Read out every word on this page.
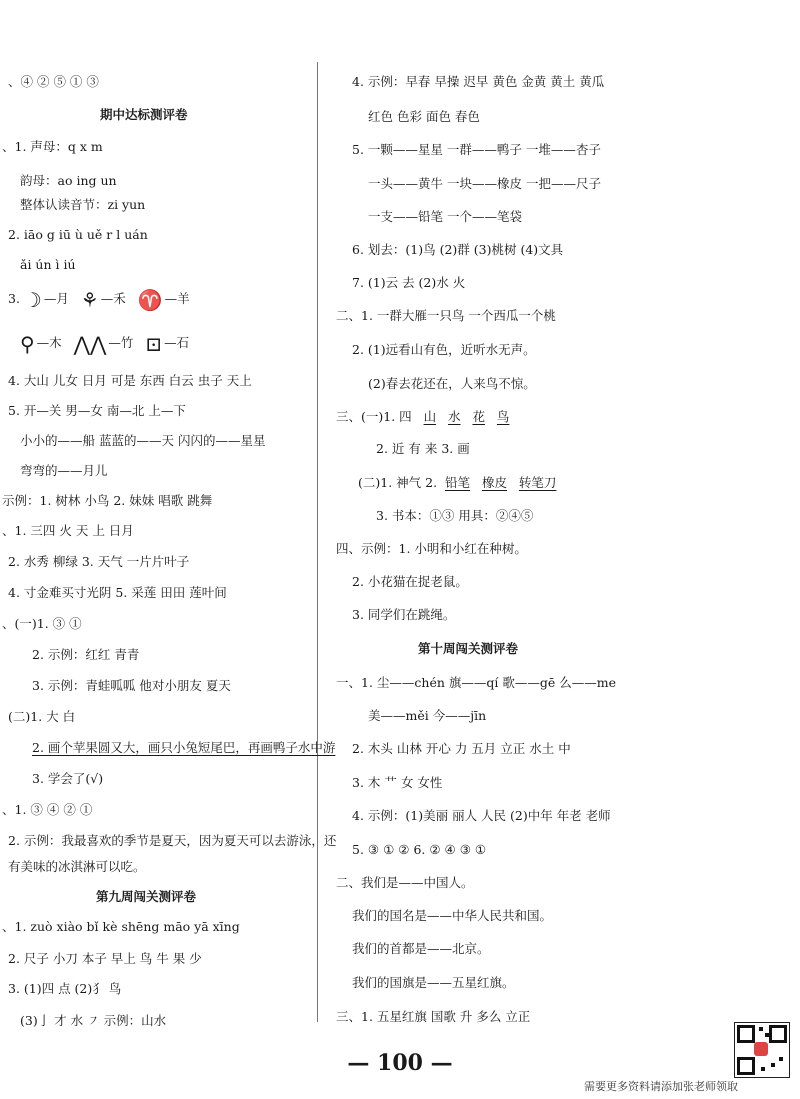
、④ ② ⑤ ① ③
期中达标测评卷
、1. 声母：q x m
韵母：ao ing un
整体认读音节：zi yun
2. iāo g iū ù uě r l uán
ǎi ún ì iú
3. ☽ —月 ⚘ —禾 ♈ —羊
⚲ —木 ⋀⋀ —竹 ⊡ —石
4. 大山 儿女 日月 可是 东西 白云 虫子 天上
5. 开—关 男—女 南—北 上—下
小小的——船 蓝蓝的——天 闪闪的——星星
弯弯的——月儿
示例：1. 树林 小鸟 2. 妹妹 唱歌 跳舞
、1. 三四 火 天 上 日月
2. 水秀 柳绿 3. 天气 一片片叶子
4. 寸金难买寸光阴 5. 采莲 田田 莲叶间
、(一)1. ③ ①
2. 示例：红红 青青
3. 示例：青蛙呱呱 他对小朋友 夏天
(二)1. 大 白
2. 画个苹果圆又大，画只小兔短尾巴，再画鸭子水中游
3. 学会了(√)
、1. ③ ④ ② ①
2. 示例：我最喜欢的季节是夏天，因为夏天可以去游泳，还
有美味的冰淇淋可以吃。
第九周闯关测评卷
、1. zuò xiào bǐ kè shēng māo yā xīng
2. 尺子 小刀 本子 早上 鸟 牛 果 少
3. (1)四 点 (2)犭 鸟
(3)亅 才 水 ㇇ 示例：山水
4. 示例：早春 早操 迟早 黄色 金黄 黄土 黄瓜
红色 色彩 面色 春色
5. 一颗——星星 一群——鸭子 一堆——杏子
一头——黄牛 一块——橡皮 一把——尺子
一支——铅笔 一个——笔袋
6. 划去：(1)鸟 (2)群 (3)桃树 (4)文具
7. (1)云 去 (2)水 火
二、1. 一群大雁一只鸟 一个西瓜一个桃
2. (1)远看山有色，近听水无声。
(2)春去花还在，人来鸟不惊。
三、(一)1. 四 山 水 花 鸟
2. 近 有 来 3. 画
(二)1. 神气 2. 铅笔 橡皮 转笔刀
3. 书本：①③ 用具：②④⑤
四、示例：1. 小明和小红在种树。
2. 小花猫在捉老鼠。
3. 同学们在跳绳。
第十周闯关测评卷
一、1. 尘——chén 旗——qí 歌——gē 么——me
美——měi 今——jīn
2. 木头 山林 开心 力 五月 立正 水土 中
3. 木 艹 女 女性
4. 示例：(1)美丽 丽人 人民 (2)中年 年老 老师
5. ③ ① ② 6. ② ④ ③ ①
二、我们是——中国人。
我们的国名是——中华人民共和国。
我们的首都是——北京。
我们的国旗是——五星红旗。
三、1. 五星红旗 国歌 升 多么 立正
— 100 —
需要更多资料请添加张老师领取
